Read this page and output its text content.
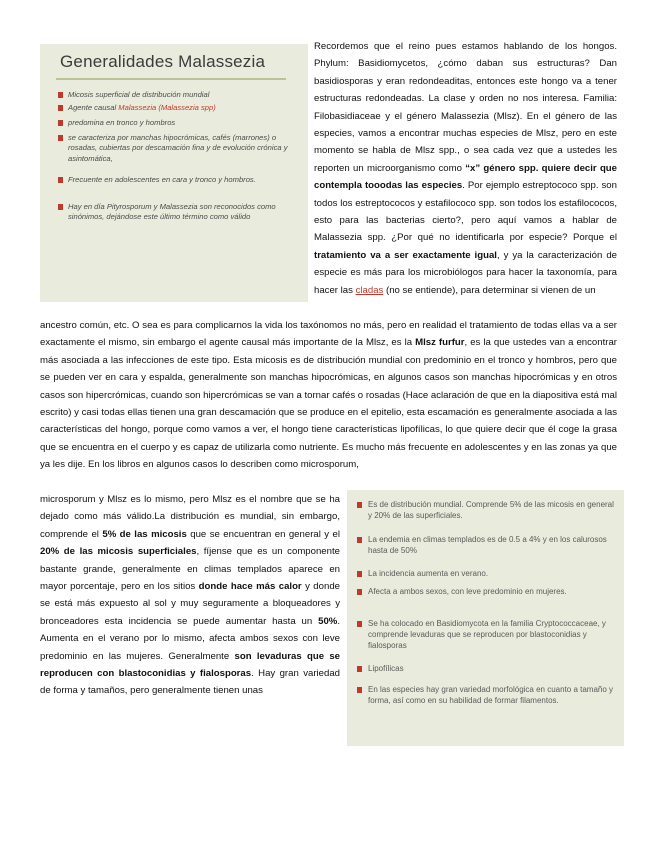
Generalidades Malassezia
Micosis superficial de distribución mundial
Agente causal Malassezia (Malassezia spp)
predomina en tronco y hombros
se caracteriza por manchas hipocrómicas, cafés (marrones) o rosadas, cubiertas por descamación fina y de evolución crónica y asintomática,
Frecuente en adolescentes en cara y tronco y hombros.
Hay en día Pityrosporum y Malassezia son reconocidos como sinónimos, dejándose este último término como válido

Recordemos que el reino pues estamos hablando de los hongos. Phylum: Basidiomycetos, ¿cómo daban sus estructuras? Dan basidiosporas y eran redondeaditas, entonces este hongo va a tener estructuras redondeadas. La clase y orden no nos interesa. Familia: Filobasidiaceae y el género Malassezia (Mlsz). En el género de las especies, vamos a encontrar muchas especies de Mlsz, pero en este momento se habla de Mlsz spp., o sea cada vez que a ustedes les reporten un microorganismo como “x” género spp. quiere decir que contempla tooodas las especies. Por ejemplo estreptococo spp. son todos los estreptococos y estafilococo spp. son todos los estafilococos, esto para las bacterias cierto?, pero aquí vamos a hablar de Malassezia spp. ¿Por qué no identificarla por especie? Porque el tratamiento va a ser exactamente igual, y ya la caracterización de especie es más para los microbiólogos para hacer la taxonomía, para hacer las cladas (no se entiende), para determinar si vienen de un

ancestro común, etc. O sea es para complicarnos la vida los taxónomos no más, pero en realidad el tratamiento de todas ellas va a ser exactamente el mismo, sin embargo el agente causal más importante de la Mlsz, es la Mlsz furfur, es la que ustedes van a encontrar más asociada a las infecciones de este tipo. Esta micosis es de distribución mundial con predominio en el tronco y hombros, pero que se pueden ver en cara y espalda, generalmente son manchas hipocrómicas, en algunos casos son manchas hipocrómicas y en otros casos son hipercrómicas, cuando son hipercrómicas se van a tornar cafés o rosadas (Hace aclaración de que en la diapositiva está mal escrito) y casi todas ellas tienen una gran descamación que se produce en el epitelio, esta escamación es generalmente asociada a las características del hongo, porque como vamos a ver, el hongo tiene características lipofílicas, lo que quiere decir que él coge la grasa que se encuentra en el cuerpo y es capaz de utilizarla como nutriente. Es mucho más frecuente en adolescentes y en las zonas ya que ya les dije. En los libros en algunos casos lo describen como microsporum,

microsporum y Mlsz es lo mismo, pero Mlsz es el nombre que se ha dejado como más válido.La distribución es mundial, sin embargo, comprende el 5% de las micosis que se encuentran en general y el 20% de las micosis superficiales, fíjense que es un componente bastante grande, generalmente en climas templados aparece en mayor porcentaje, pero en los sitios donde hace más calor y donde se está más expuesto al sol y muy seguramente a bloqueadores y bronceadores esta incidencia se puede aumentar hasta un 50%. Aumenta en el verano por lo mismo, afecta ambos sexos con leve predominio en las mujeres. Generalmente son levaduras que se reproducen con blastoconidias y fialosporas. Hay gran variedad de forma y tamaños, pero generalmente tienen unas

Es de distribución mundial. Comprende 5% de las micosis en general y 20% de las superficiales.
La endemia en climas templados es de 0.5 a 4% y en los calurosos hasta de 50%
La incidencia aumenta en verano.
Afecta a ambos sexos, con leve predominio en mujeres.
Se ha colocado en Basidiomycota en la familia Cryptococcaceae, y comprende levaduras que se reproducen por blastoconidias y fialosporas
Lipofílicas
En las especies hay gran variedad morfológica en cuanto a tamaño y forma, así como en su habilidad de formar filamentos.
